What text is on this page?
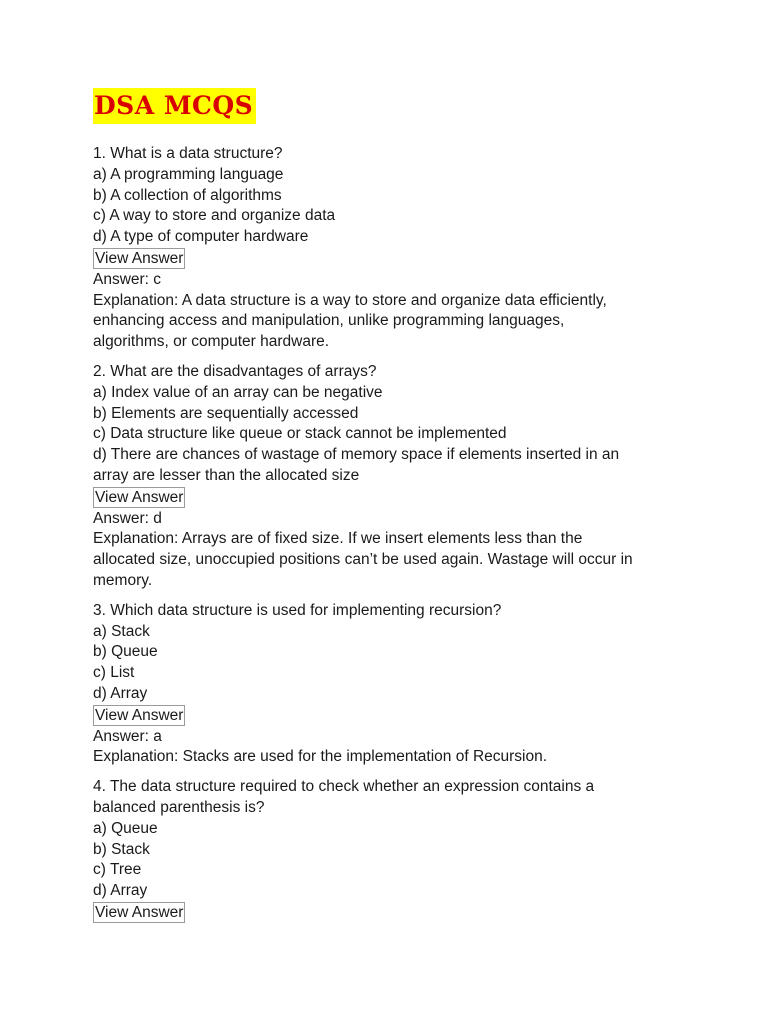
DSA MCQS
1. What is a data structure?
a) A programming language
b) A collection of algorithms
c) A way to store and organize data
d) A type of computer hardware
View Answer
Answer: c
Explanation: A data structure is a way to store and organize data efficiently,
enhancing access and manipulation, unlike programming languages,
algorithms, or computer hardware.
2. What are the disadvantages of arrays?
a) Index value of an array can be negative
b) Elements are sequentially accessed
c) Data structure like queue or stack cannot be implemented
d) There are chances of wastage of memory space if elements inserted in an
array are lesser than the allocated size
View Answer
Answer: d
Explanation: Arrays are of fixed size. If we insert elements less than the
allocated size, unoccupied positions can’t be used again. Wastage will occur in
memory.
3. Which data structure is used for implementing recursion?
a) Stack
b) Queue
c) List
d) Array
View Answer
Answer: a
Explanation: Stacks are used for the implementation of Recursion.
4. The data structure required to check whether an expression contains a
balanced parenthesis is?
a) Queue
b) Stack
c) Tree
d) Array
View Answer
